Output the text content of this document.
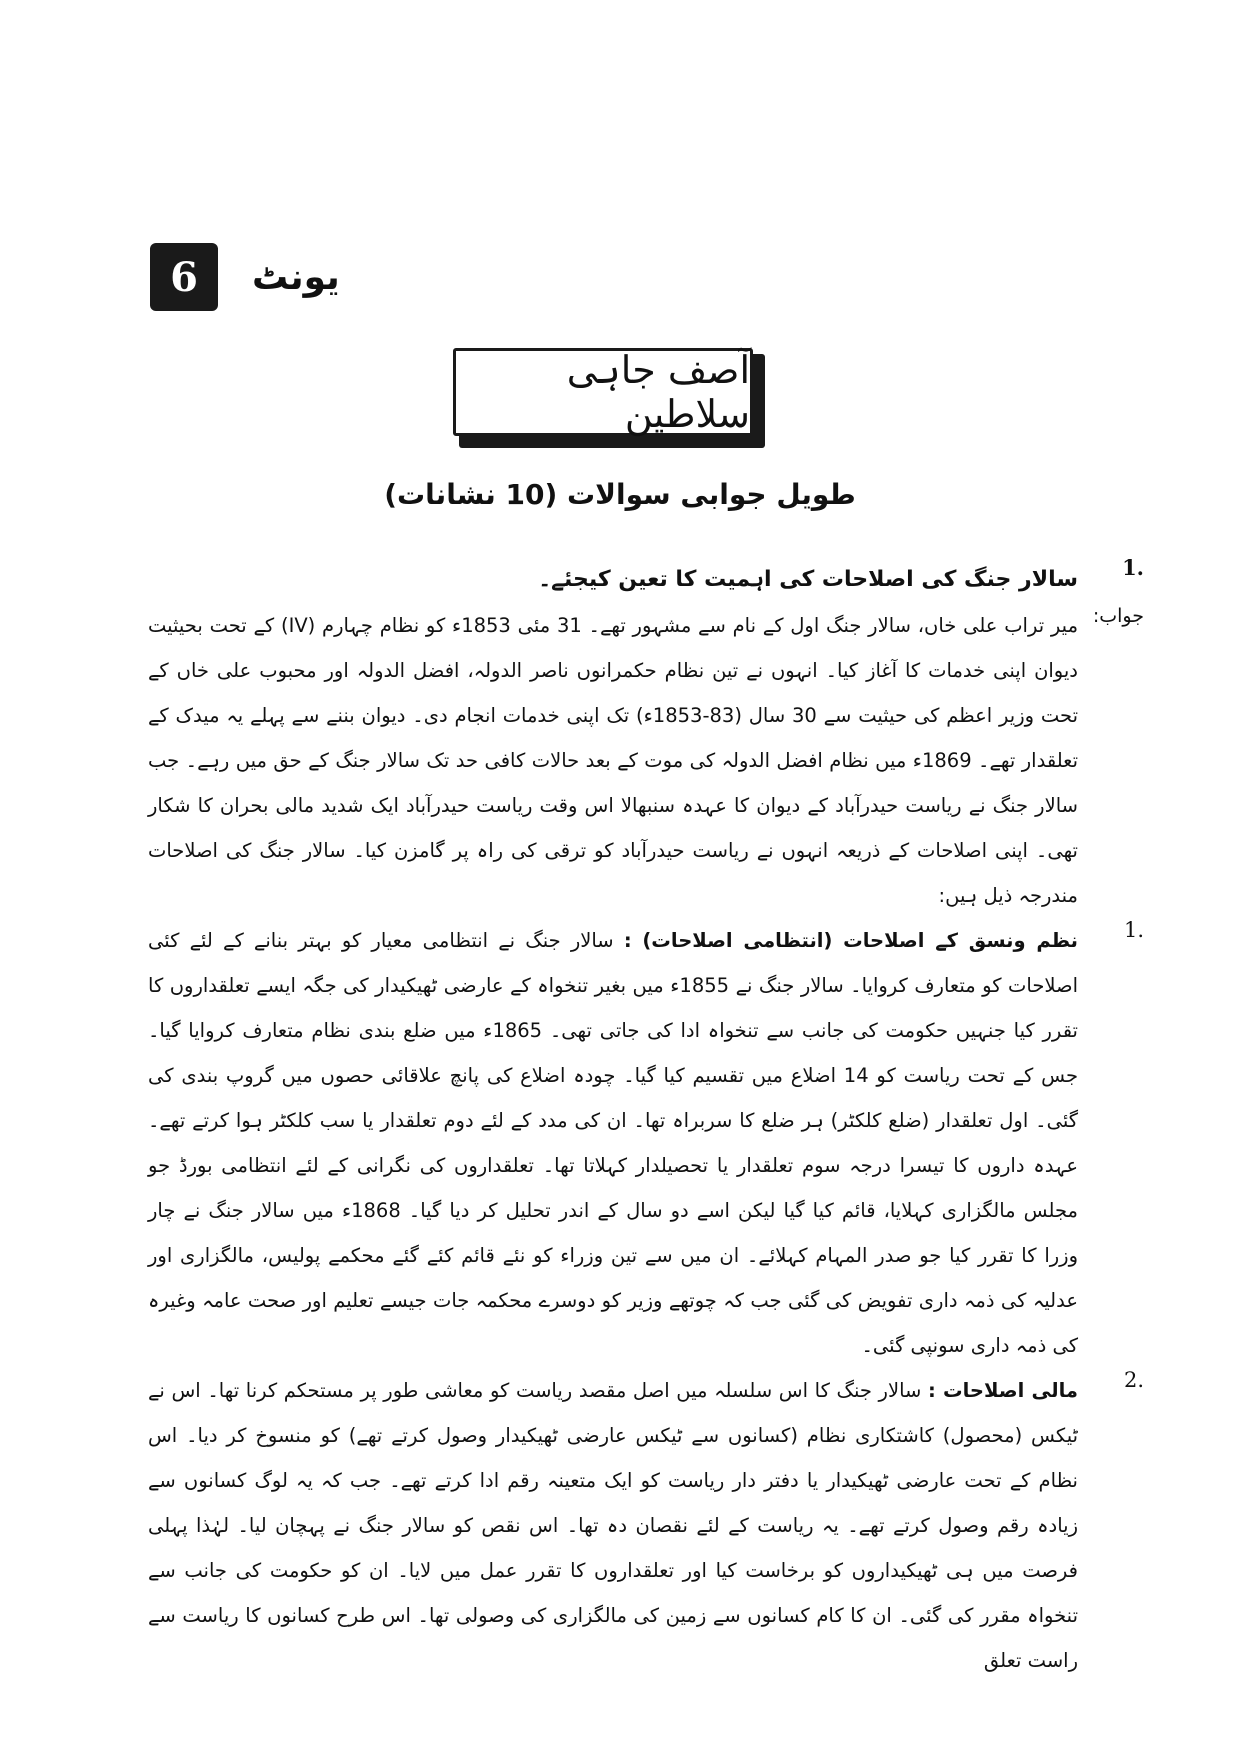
6	یونٹ
آصف جاہی سلاطین
طویل جوابی سوالات (10 نشانات)
1.
سالار جنگ کی اصلاحات کی اہمیت کا تعین کیجئے۔
جواب:

میر تراب علی خاں، سالار جنگ اول کے نام سے مشہور تھے۔ 31 مئی 1853ء کو نظام چہارم (IV) کے تحت بحیثیت دیوان اپنی خدمات کا آغاز کیا۔ انہوں نے تین نظام حکمرانوں ناصر الدولہ، افضل الدولہ اور محبوب علی خاں کے تحت وزیر اعظم کی حیثیت سے 30 سال (83-1853ء) تک اپنی خدمات انجام دی۔ دیوان بننے سے پہلے یہ میدک کے تعلقدار تھے۔ 1869ء میں نظام افضل الدولہ کی موت کے بعد حالات کافی حد تک سالار جنگ کے حق میں رہے۔ جب سالار جنگ نے ریاست حیدرآباد کے دیوان کا عہدہ سنبھالا اس وقت ریاست حیدرآباد ایک شدید مالی بحران کا شکار تھی۔ اپنی اصلاحات کے ذریعہ انہوں نے ریاست حیدرآباد کو ترقی کی راہ پر گامزن کیا۔ سالار جنگ کی اصلاحات مندرجہ ذیل ہیں:

1.

نظم ونسق کے اصلاحات (انتظامی اصلاحات) : سالار جنگ نے انتظامی معیار کو بہتر بنانے کے لئے کئی اصلاحات کو متعارف کروایا۔ سالار جنگ نے 1855ء میں بغیر تنخواہ کے عارضی ٹھیکیدار کی جگہ ایسے تعلقداروں کا تقرر کیا جنہیں حکومت کی جانب سے تنخواہ ادا کی جاتی تھی۔ 1865ء میں ضلع بندی نظام متعارف کروایا گیا۔ جس کے تحت ریاست کو 14 اضلاع میں تقسیم کیا گیا۔ چودہ اضلاع کی پانچ علاقائی حصوں میں گروپ بندی کی گئی۔ اول تعلقدار (ضلع کلکٹر) ہر ضلع کا سربراہ تھا۔ ان کی مدد کے لئے دوم تعلقدار یا سب کلکٹر ہوا کرتے تھے۔ عہدہ داروں کا تیسرا درجہ سوم تعلقدار یا تحصیلدار کہلاتا تھا۔ تعلقداروں کی نگرانی کے لئے انتظامی بورڈ جو مجلس مالگزاری کہلایا، قائم کیا گیا لیکن اسے دو سال کے اندر تحلیل کر دیا گیا۔ 1868ء میں سالار جنگ نے چار وزرا کا تقرر کیا جو صدر المہام کہلائے۔ ان میں سے تین وزراء کو نئے قائم کئے گئے محکمے پولیس، مالگزاری اور عدلیہ کی ذمہ داری تفویض کی گئی جب کہ چوتھے وزیر کو دوسرے محکمہ جات جیسے تعلیم اور صحت عامہ وغیرہ کی ذمہ داری سونپی گئی۔

2.

مالی اصلاحات : سالار جنگ کا اس سلسلہ میں اصل مقصد ریاست کو معاشی طور پر مستحکم کرنا تھا۔ اس نے ٹیکس (محصول) کاشتکاری نظام (کسانوں سے ٹیکس عارضی ٹھیکیدار وصول کرتے تھے) کو منسوخ کر دیا۔ اس نظام کے تحت عارضی ٹھیکیدار یا دفتر دار ریاست کو ایک متعینہ رقم ادا کرتے تھے۔ جب کہ یہ لوگ کسانوں سے زیادہ رقم وصول کرتے تھے۔ یہ ریاست کے لئے نقصان دہ تھا۔ اس نقص کو سالار جنگ نے پہچان لیا۔ لہٰذا پہلی فرصت میں ہی ٹھیکیداروں کو برخاست کیا اور تعلقداروں کا تقرر عمل میں لایا۔ ان کو حکومت کی جانب سے تنخواہ مقرر کی گئی۔ ان کا کام کسانوں سے زمین کی مالگزاری کی وصولی تھا۔ اس طرح کسانوں کا ریاست سے راست تعلق
